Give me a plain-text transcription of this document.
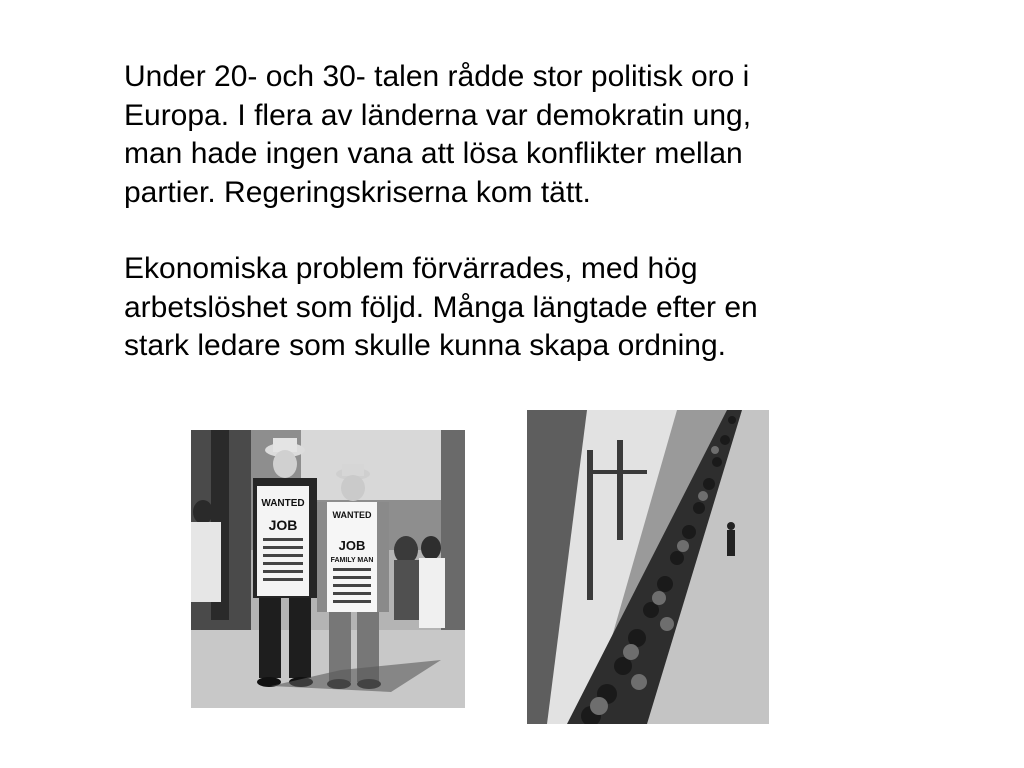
Under 20- och 30- talen rådde stor politisk oro i
Europa. I flera av länderna var demokratin ung,
man hade ingen vana att lösa konflikter mellan
partier. Regeringskriserna kom tätt.

Ekonomiska problem förvärrades, med hög
arbetslöshet som följd. Många längtade efter en
stark ledare som skulle kunna skapa ordning.

WANTED
JOB
WANTED
JOB
FAMILY MAN
